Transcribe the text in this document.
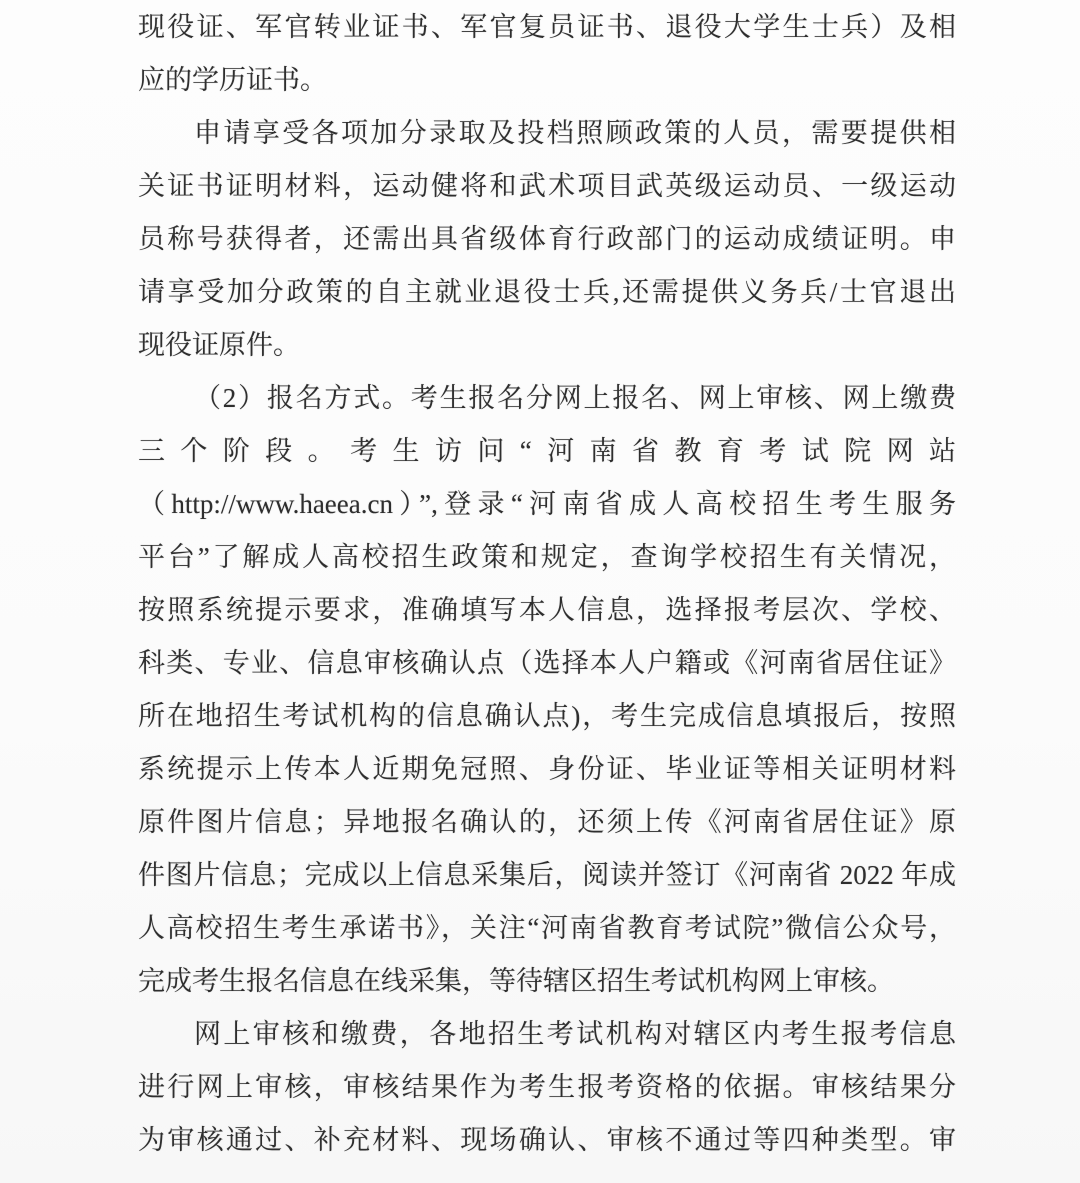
现役证、军官转业证书、军官复员证书、退役大学生士兵）及相
应的学历证书。
申请享受各项加分录取及投档照顾政策的人员，需要提供相
关证书证明材料，运动健将和武术项目武英级运动员、一级运动
员称号获得者，还需出具省级体育行政部门的运动成绩证明。申
请享受加分政策的自主就业退役士兵,还需提供义务兵/士官退出
现役证原件。
（2）报名方式。考生报名分网上报名、网上审核、网上缴费
三个阶段。考生访问“河南省教育考试院网站
（http://www.haeea.cn）”,登录“河南省成人高校招生考生服务
平台”了解成人高校招生政策和规定，查询学校招生有关情况，
按照系统提示要求，准确填写本人信息，选择报考层次、学校、
科类、专业、信息审核确认点（选择本人户籍或《河南省居住证》
所在地招生考试机构的信息确认点)，考生完成信息填报后，按照
系统提示上传本人近期免冠照、身份证、毕业证等相关证明材料
原件图片信息；异地报名确认的，还须上传《河南省居住证》原
件图片信息；完成以上信息采集后，阅读并签订《河南省 2022 年成
人高校招生考生承诺书》，关注“河南省教育考试院”微信公众号，
完成考生报名信息在线采集，等待辖区招生考试机构网上审核。
网上审核和缴费，各地招生考试机构对辖区内考生报考信息
进行网上审核，审核结果作为考生报考资格的依据。审核结果分
为审核通过、补充材料、现场确认、审核不通过等四种类型。审
